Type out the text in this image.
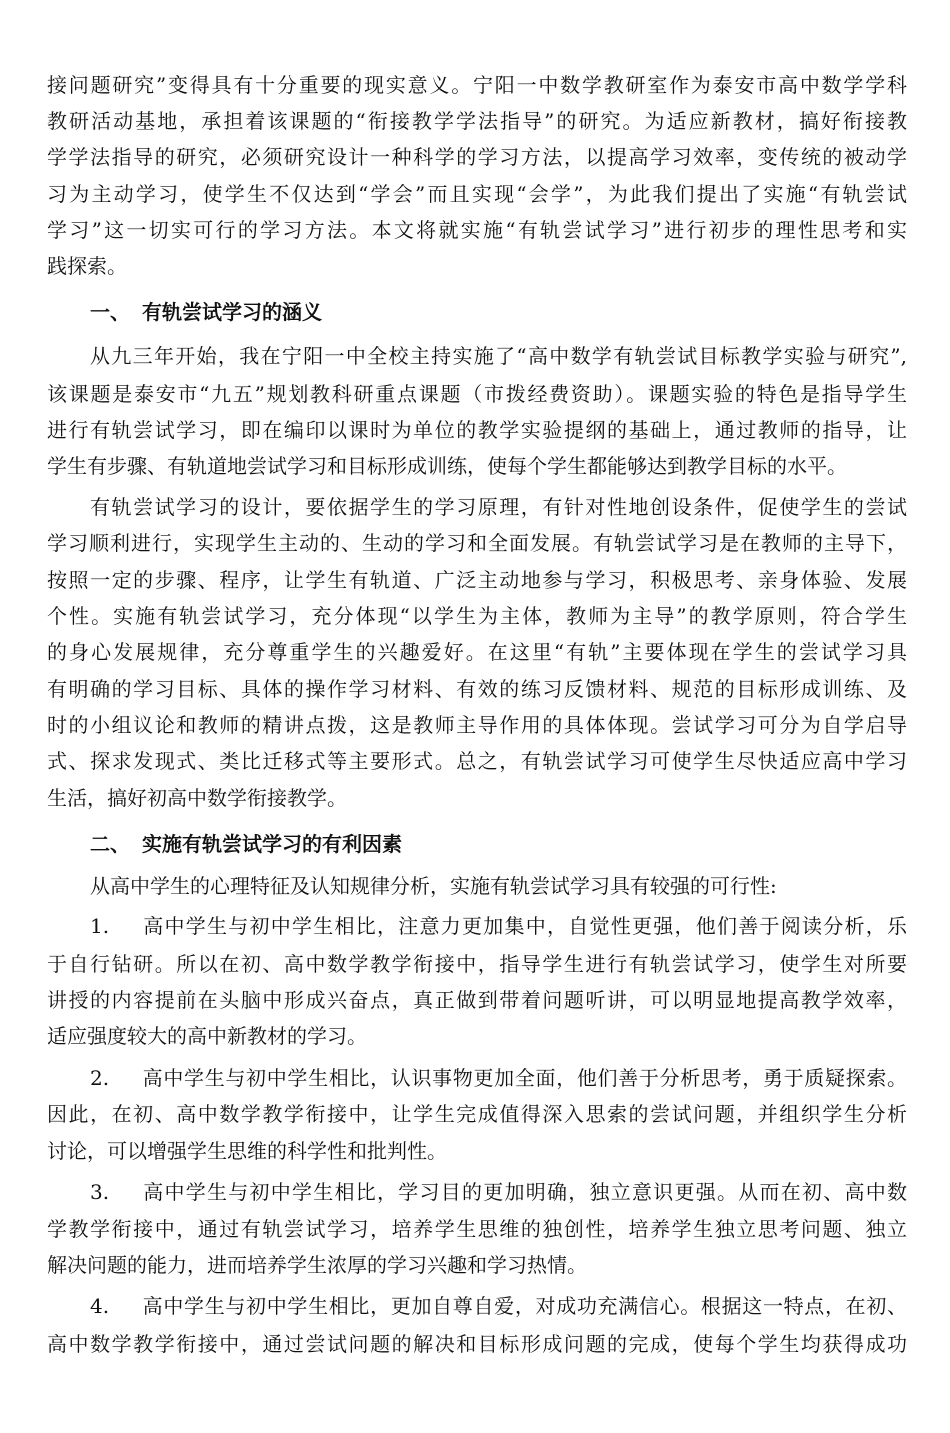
接问题研究”变得具有十分重要的现实意义。宁阳一中数学教研室作为泰安市高中数学学科
教研活动基地，承担着该课题的“衔接教学学法指导”的研究。为适应新教材，搞好衔接教
学学法指导的研究，必须研究设计一种科学的学习方法，以提高学习效率，变传统的被动学
习为主动学习，使学生不仅达到“学会”而且实现“会学”，为此我们提出了实施“有轨尝试
学习”这一切实可行的学习方法。本文将就实施“有轨尝试学习”进行初步的理性思考和实
践探索。
一、 有轨尝试学习的涵义
从九三年开始，我在宁阳一中全校主持实施了“高中数学有轨尝试目标教学实验与研究”,
该课题是泰安市“九五”规划教科研重点课题（市拨经费资助）。课题实验的特色是指导学生
进行有轨尝试学习，即在编印以课时为单位的教学实验提纲的基础上，通过教师的指导，让
学生有步骤、有轨道地尝试学习和目标形成训练，使每个学生都能够达到教学目标的水平。
有轨尝试学习的设计，要依据学生的学习原理，有针对性地创设条件，促使学生的尝试
学习顺利进行，实现学生主动的、生动的学习和全面发展。有轨尝试学习是在教师的主导下，
按照一定的步骤、程序，让学生有轨道、广泛主动地参与学习，积极思考、亲身体验、发展
个性。实施有轨尝试学习，充分体现“以学生为主体，教师为主导”的教学原则，符合学生
的身心发展规律，充分尊重学生的兴趣爱好。在这里“有轨”主要体现在学生的尝试学习具
有明确的学习目标、具体的操作学习材料、有效的练习反馈材料、规范的目标形成训练、及
时的小组议论和教师的精讲点拨，这是教师主导作用的具体体现。尝试学习可分为自学启导
式、探求发现式、类比迁移式等主要形式。总之，有轨尝试学习可使学生尽快适应高中学习
生活，搞好初高中数学衔接教学。
二、 实施有轨尝试学习的有利因素
从高中学生的心理特征及认知规律分析，实施有轨尝试学习具有较强的可行性:
1. 高中学生与初中学生相比，注意力更加集中，自觉性更强，他们善于阅读分析，乐
于自行钻研。所以在初、高中数学教学衔接中，指导学生进行有轨尝试学习，使学生对所要
讲授的内容提前在头脑中形成兴奋点，真正做到带着问题听讲，可以明显地提高教学效率，
适应强度较大的高中新教材的学习。
2. 高中学生与初中学生相比，认识事物更加全面，他们善于分析思考，勇于质疑探索。
因此，在初、高中数学教学衔接中，让学生完成值得深入思索的尝试问题，并组织学生分析
讨论，可以增强学生思维的科学性和批判性。
3. 高中学生与初中学生相比，学习目的更加明确，独立意识更强。从而在初、高中数
学教学衔接中，通过有轨尝试学习，培养学生思维的独创性，培养学生独立思考问题、独立
解决问题的能力，进而培养学生浓厚的学习兴趣和学习热情。
4. 高中学生与初中学生相比，更加自尊自爱，对成功充满信心。根据这一特点，在初、
高中数学教学衔接中，通过尝试问题的解决和目标形成问题的完成，使每个学生均获得成功
